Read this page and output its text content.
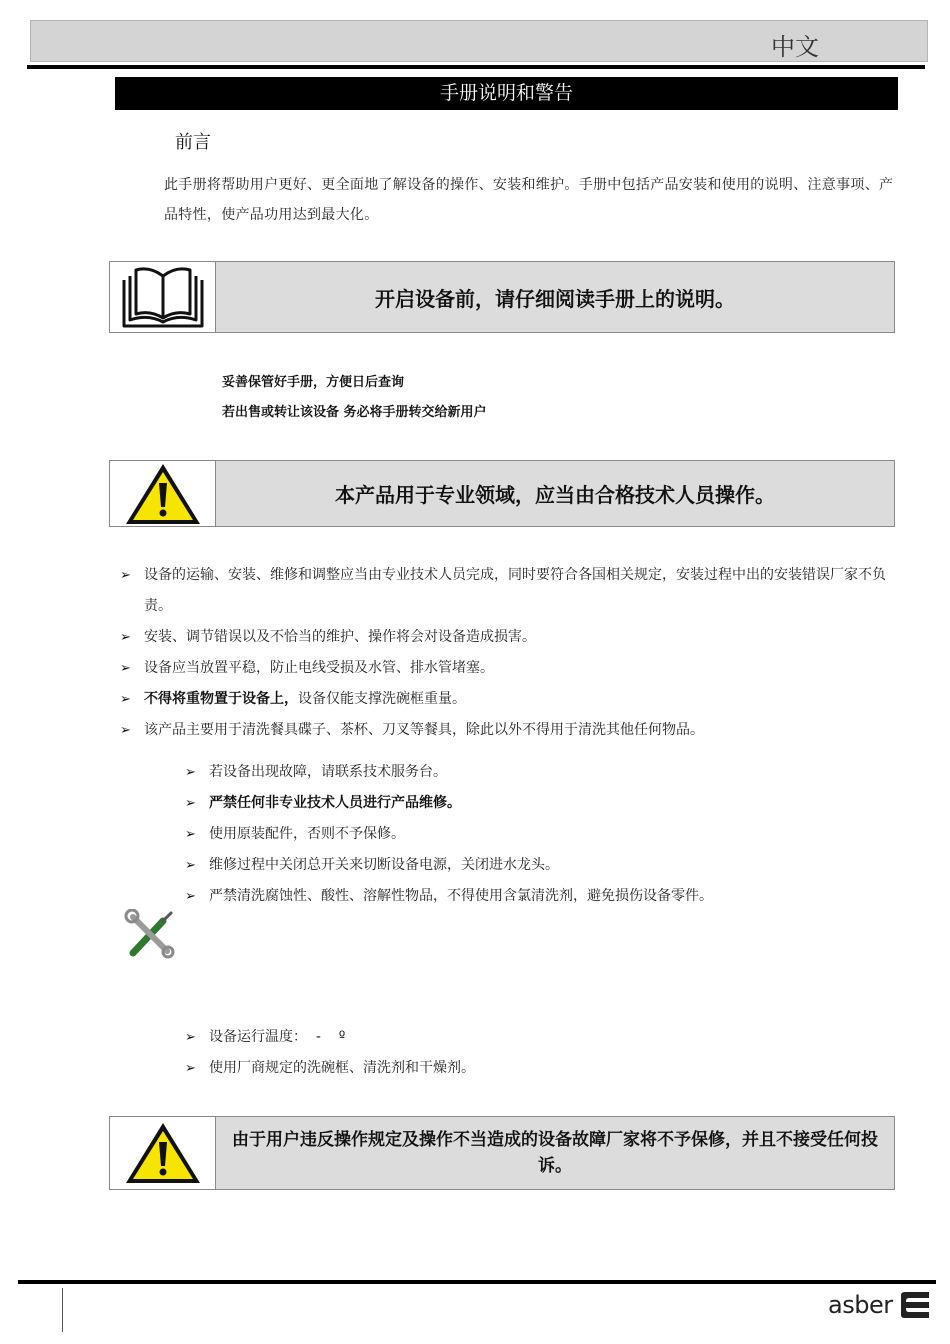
中文
手册说明和警告
前言
此手册将帮助用户更好、更全面地了解设备的操作、安装和维护。手册中包括产品安装和使用的说明、注意事项、产品特性，使产品功用达到最大化。
开启设备前，请仔细阅读手册上的说明。
妥善保管好手册，方便日后查询
若出售或转让该设备 务必将手册转交给新用户
本产品用于专业领域，应当由合格技术人员操作。
➢ 设备的运输、安装、维修和调整应当由专业技术人员完成，同时要符合各国相关规定，安装过程中出的安装错误厂家不负责。
➢ 安装、调节错误以及不恰当的维护、操作将会对设备造成损害。
➢ 设备应当放置平稳，防止电线受损及水管、排水管堵塞。
➢ 不得将重物置于设备上，设备仅能支撑洗碗框重量。
➢ 该产品主要用于清洗餐具碟子、茶杯、刀叉等餐具，除此以外不得用于清洗其他任何物品。
➢ 若设备出现故障，请联系技术服务台。
➢ 严禁任何非专业技术人员进行产品维修。
➢ 使用原装配件，否则不予保修。
➢ 维修过程中关闭总开关来切断设备电源，关闭进水龙头。
➢ 严禁清洗腐蚀性、酸性、溶解性物品，不得使用含氯清洗剂，避免损伤设备零件。
➢ 设备运行温度：  -    º
➢ 使用厂商规定的洗碗框、清洗剂和干燥剂。
由于用户违反操作规定及操作不当造成的设备故障厂家将不予保修，并且不接受任何投诉。
asber
